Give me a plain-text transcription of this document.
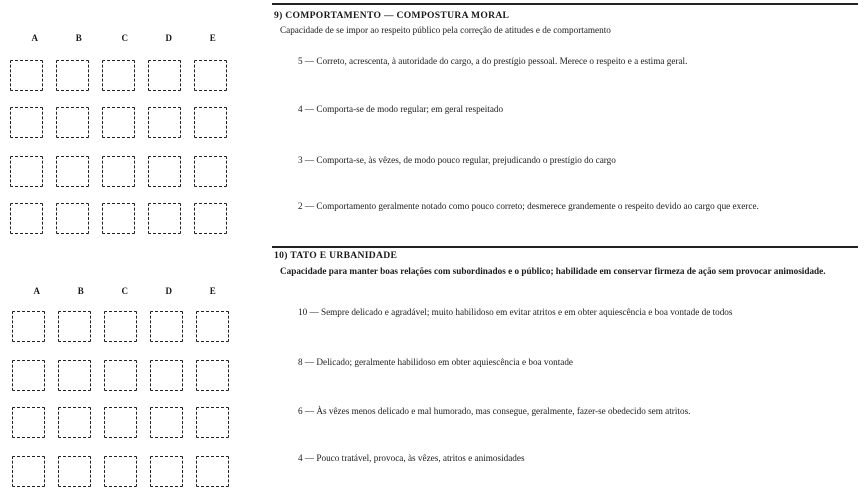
A	B	C	D	E
A	B	C	D	E
9) COMPORTAMENTO — COMPOSTURA MORAL
Capacidade de se impor ao respeito público pela correção de atitudes e de comportamento
5 — Correto, acrescenta, à autoridade do cargo, a do prestígio pessoal. Merece o respeito e a estima geral.
4 — Comporta-se de modo regular; em geral respeitado
3 — Comporta-se, às vêzes, de modo pouco regular, prejudicando o prestígio do cargo
2 — Comportamento geralmente notado como pouco correto; desmerece grandemente o respeito devido ao cargo que exerce.
10) TATO E URBANIDADE
Capacidade para manter boas relações com subordinados e o público; habilidade em conservar firmeza de ação sem provocar animosidade.
10 — Sempre delicado e agradável; muito habilidoso em evitar atritos e em obter aquiescência e boa vontade de todos
8 — Delicado; geralmente habilidoso em obter aquiescência e boa vontade
6 — Às vêzes menos delicado e mal humorado, mas consegue, geralmente, fazer-se obedecido sem atritos.
4 — Pouco tratável, provoca, às vêzes, atritos e animosidades
